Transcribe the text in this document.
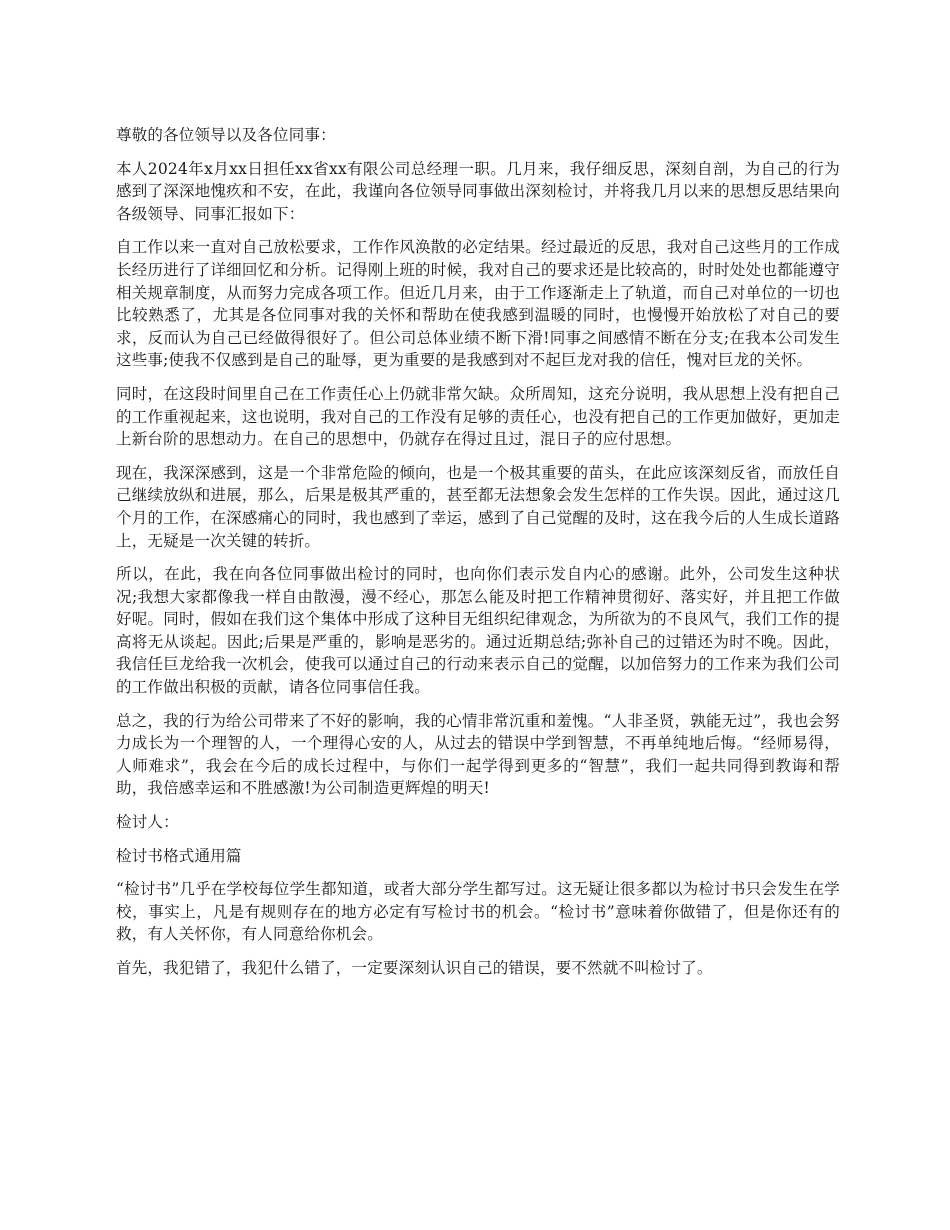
尊敬的各位领导以及各位同事：

本人2024年x月xx日担任xx省xx有限公司总经理一职。几月来，我仔细反思，深刻自剖，为自己的行为感到了深深地愧疚和不安，在此，我谨向各位领导同事做出深刻检讨，并将我几月以来的思想反思结果向各级领导、同事汇报如下：

自工作以来一直对自己放松要求，工作作风涣散的必定结果。经过最近的反思，我对自己这些月的工作成长经历进行了详细回忆和分析。记得刚上班的时候，我对自己的要求还是比较高的，时时处处也都能遵守相关规章制度，从而努力完成各项工作。但近几月来，由于工作逐渐走上了轨道，而自己对单位的一切也比较熟悉了，尤其是各位同事对我的关怀和帮助在使我感到温暖的同时，也慢慢开始放松了对自己的要求，反而认为自己已经做得很好了。但公司总体业绩不断下滑!同事之间感情不断在分支;在我本公司发生这些事;使我不仅感到是自己的耻辱，更为重要的是我感到对不起巨龙对我的信任，愧对巨龙的关怀。

同时，在这段时间里自己在工作责任心上仍就非常欠缺。众所周知，这充分说明，我从思想上没有把自己的工作重视起来，这也说明，我对自己的工作没有足够的责任心，也没有把自己的工作更加做好，更加走上新台阶的思想动力。在自己的思想中，仍就存在得过且过，混日子的应付思想。

现在，我深深感到，这是一个非常危险的倾向，也是一个极其重要的苗头，在此应该深刻反省，而放任自己继续放纵和进展，那么，后果是极其严重的，甚至都无法想象会发生怎样的工作失误。因此，通过这几个月的工作，在深感痛心的同时，我也感到了幸运，感到了自己觉醒的及时，这在我今后的人生成长道路上，无疑是一次关键的转折。

所以，在此，我在向各位同事做出检讨的同时，也向你们表示发自内心的感谢。此外，公司发生这种状况;我想大家都像我一样自由散漫，漫不经心，那怎么能及时把工作精神贯彻好、落实好，并且把工作做好呢。同时，假如在我们这个集体中形成了这种目无组织纪律观念，为所欲为的不良风气，我们工作的提高将无从谈起。因此;后果是严重的，影响是恶劣的。通过近期总结;弥补自己的过错还为时不晚。因此，我信任巨龙给我一次机会，使我可以通过自己的行动来表示自己的觉醒，以加倍努力的工作来为我们公司的工作做出积极的贡献，请各位同事信任我。

总之，我的行为给公司带来了不好的影响，我的心情非常沉重和羞愧。“人非圣贤，孰能无过”，我也会努力成长为一个理智的人，一个理得心安的人，从过去的错误中学到智慧，不再单纯地后悔。“经师易得，人师难求”，我会在今后的成长过程中，与你们一起学得到更多的“智慧”，我们一起共同得到教诲和帮助，我倍感幸运和不胜感激!为公司制造更辉煌的明天!

检讨人：

检讨书格式通用篇

“检讨书”几乎在学校每位学生都知道，或者大部分学生都写过。这无疑让很多都以为检讨书只会发生在学校，事实上，凡是有规则存在的地方必定有写检讨书的机会。“检讨书”意味着你做错了，但是你还有的救，有人关怀你，有人同意给你机会。

首先，我犯错了，我犯什么错了，一定要深刻认识自己的错误，要不然就不叫检讨了。
